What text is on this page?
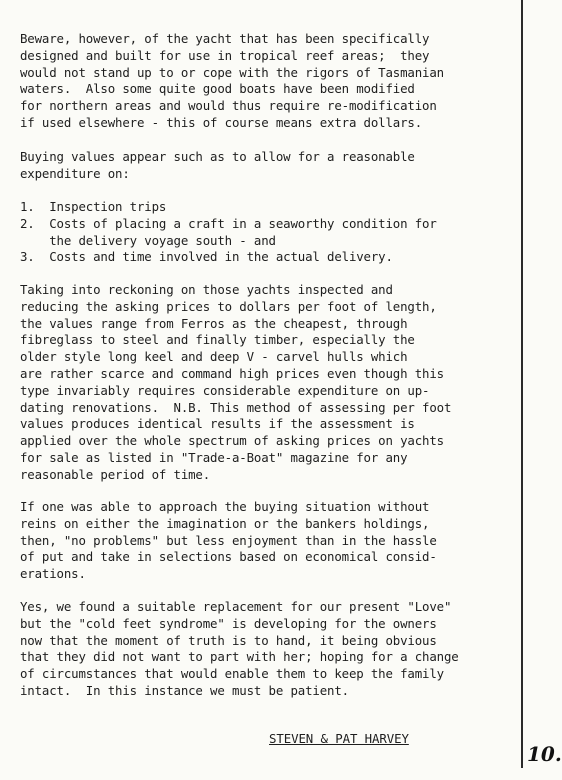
Beware, however, of the yacht that has been specifically
designed and built for use in tropical reef areas;  they
would not stand up to or cope with the rigors of Tasmanian
waters.  Also some quite good boats have been modified
for northern areas and would thus require re-modification
if used elsewhere - this of course means extra dollars.
Buying values appear such as to allow for a reasonable
expenditure on:
1.  Inspection trips
2.  Costs of placing a craft in a seaworthy condition for
the delivery voyage south - and
3.  Costs and time involved in the actual delivery.
Taking into reckoning on those yachts inspected and
reducing the asking prices to dollars per foot of length,
the values range from Ferros as the cheapest, through
fibreglass to steel and finally timber, especially the
older style long keel and deep V - carvel hulls which
are rather scarce and command high prices even though this
type invariably requires considerable expenditure on up-
dating renovations.  N.B. This method of assessing per foot
values produces identical results if the assessment is
applied over the whole spectrum of asking prices on yachts
for sale as listed in "Trade-a-Boat" magazine for any
reasonable period of time.
If one was able to approach the buying situation without
reins on either the imagination or the bankers holdings,
then, "no problems" but less enjoyment than in the hassle
of put and take in selections based on economical consid-
erations.
Yes, we found a suitable replacement for our present "Love"
but the "cold feet syndrome" is developing for the owners
now that the moment of truth is to hand, it being obvious
that they did not want to part with her; hoping for a change
of circumstances that would enable them to keep the family
intact.  In this instance we must be patient.
STEVEN & PAT HARVEY
10.
